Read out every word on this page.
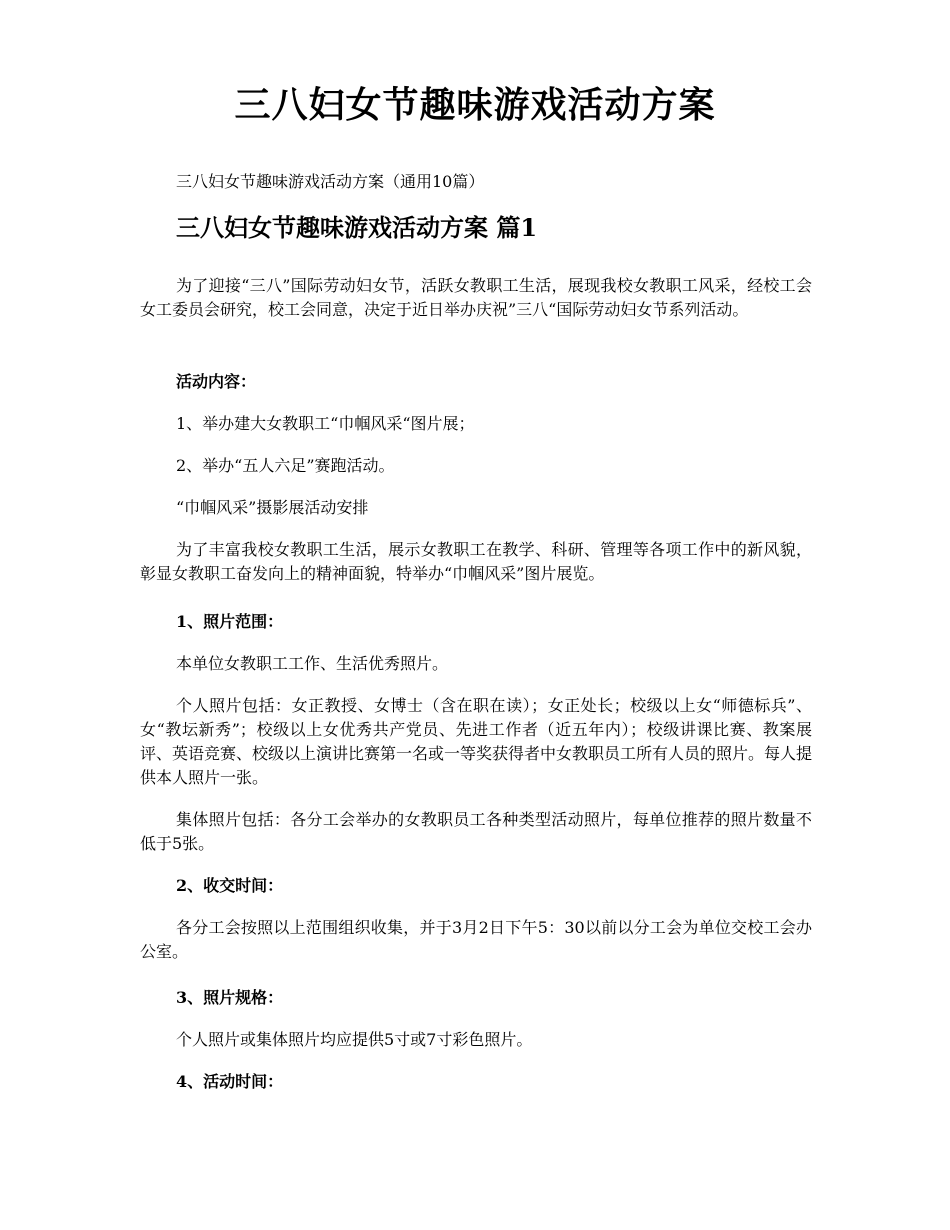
三八妇女节趣味游戏活动方案

三八妇女节趣味游戏活动方案（通用10篇）

三八妇女节趣味游戏活动方案 篇1

为了迎接“三八”国际劳动妇女节，活跃女教职工生活，展现我校女教职工风采，经校工会女工委员会研究，校工会同意，决定于近日举办庆祝”三八“国际劳动妇女节系列活动。

活动内容：

1、举办建大女教职工“巾帼风采“图片展；

2、举办“五人六足”赛跑活动。

“巾帼风采”摄影展活动安排

为了丰富我校女教职工生活，展示女教职工在教学、科研、管理等各项工作中的新风貌，彰显女教职工奋发向上的精神面貌，特举办“巾帼风采”图片展览。

1、照片范围：

本单位女教职工工作、生活优秀照片。

个人照片包括：女正教授、女博士（含在职在读）；女正处长；校级以上女“师德标兵”、女“教坛新秀”；校级以上女优秀共产党员、先进工作者（近五年内）；校级讲课比赛、教案展评、英语竞赛、校级以上演讲比赛第一名或一等奖获得者中女教职员工所有人员的照片。每人提供本人照片一张。

集体照片包括：各分工会举办的女教职员工各种类型活动照片，每单位推荐的照片数量不低于5张。

2、收交时间：

各分工会按照以上范围组织收集，并于3月2日下午5：30以前以分工会为单位交校工会办公室。

3、照片规格：

个人照片或集体照片均应提供5寸或7寸彩色照片。

4、活动时间：
